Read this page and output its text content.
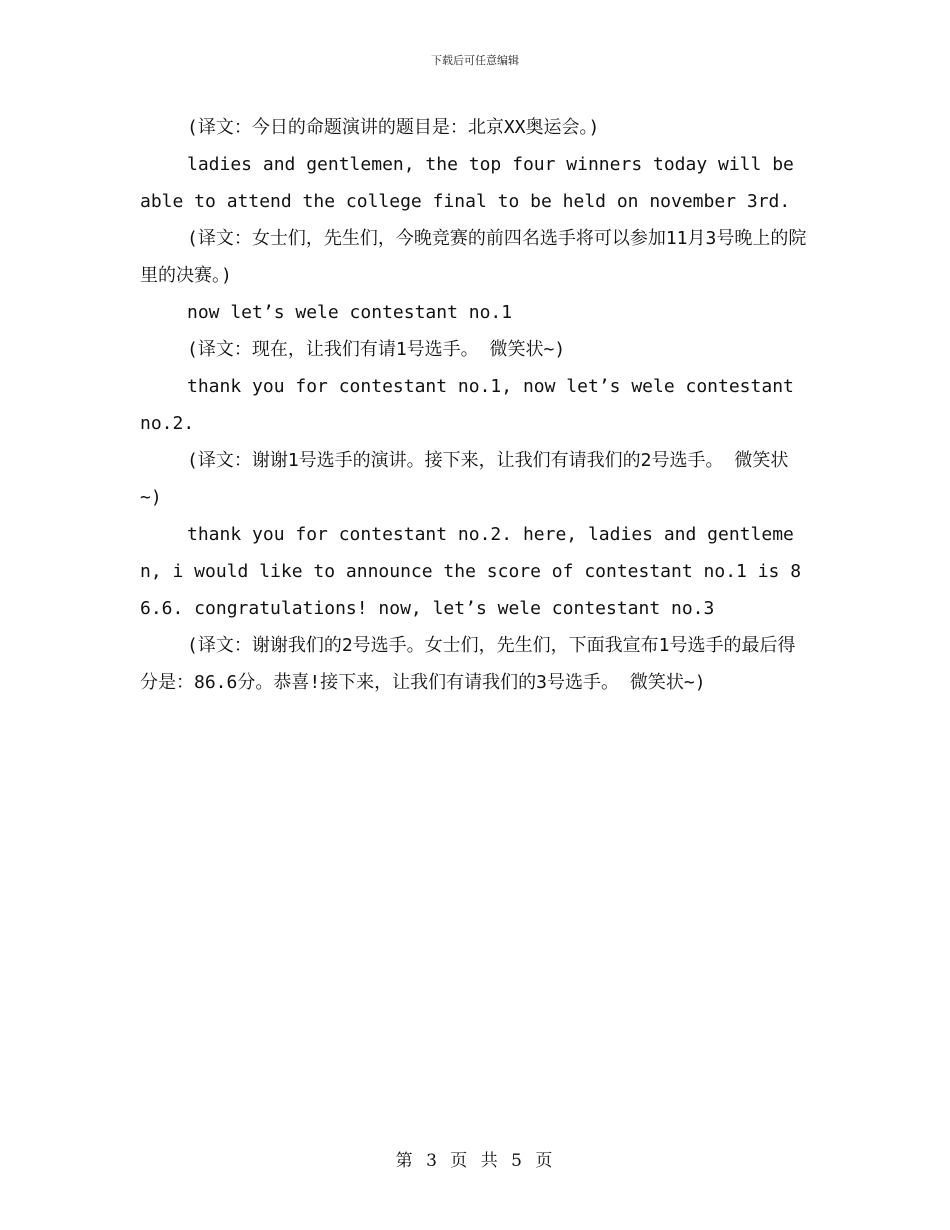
下载后可任意编辑

(译文：今日的命题演讲的题目是：北京XX奥运会。)

ladies and gentlemen, the top four winners today will be able to attend the college final to be held on november 3rd.

(译文：女士们，先生们，今晚竞赛的前四名选手将可以参加11月3号晚上的院里的决赛。)

now let’s wele contestant no.1

(译文：现在，让我们有请1号选手。 微笑状~)

thank you for contestant no.1, now let’s wele contestant no.2.

(译文：谢谢1号选手的演讲。接下来，让我们有请我们的2号选手。 微笑状~)

thank you for contestant no.2. here, ladies and gentlemen, i would like to announce the score of contestant no.1 is 86.6. congratulations! now, let’s wele contestant no.3

(译文：谢谢我们的2号选手。女士们，先生们，下面我宣布1号选手的最后得分是：86.6分。恭喜!接下来，让我们有请我们的3号选手。 微笑状~)

第 3 页 共 5 页
